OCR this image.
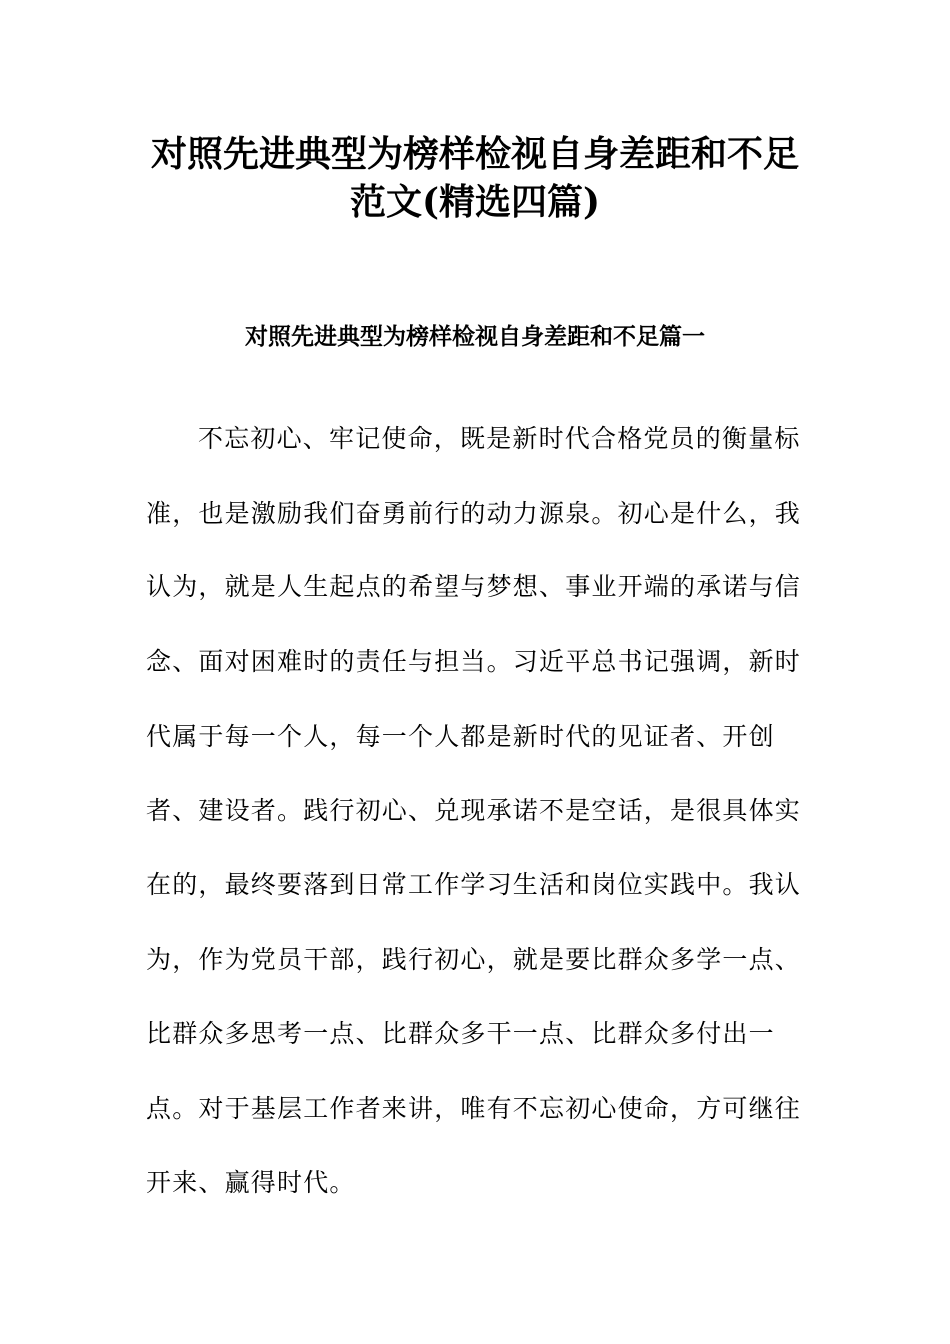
对照先进典型为榜样检视自身差距和不足
范文(精选四篇)
对照先进典型为榜样检视自身差距和不足篇一

不忘初心、牢记使命，既是新时代合格党员的衡量标

准，也是激励我们奋勇前行的动力源泉。初心是什么，我

认为，就是人生起点的希望与梦想、事业开端的承诺与信

念、面对困难时的责任与担当。习近平总书记强调，新时

代属于每一个人，每一个人都是新时代的见证者、开创

者、建设者。践行初心、兑现承诺不是空话，是很具体实

在的，最终要落到日常工作学习生活和岗位实践中。我认

为，作为党员干部，践行初心，就是要比群众多学一点、

比群众多思考一点、比群众多干一点、比群众多付出一

点。对于基层工作者来讲，唯有不忘初心使命，方可继往

开来、赢得时代。
